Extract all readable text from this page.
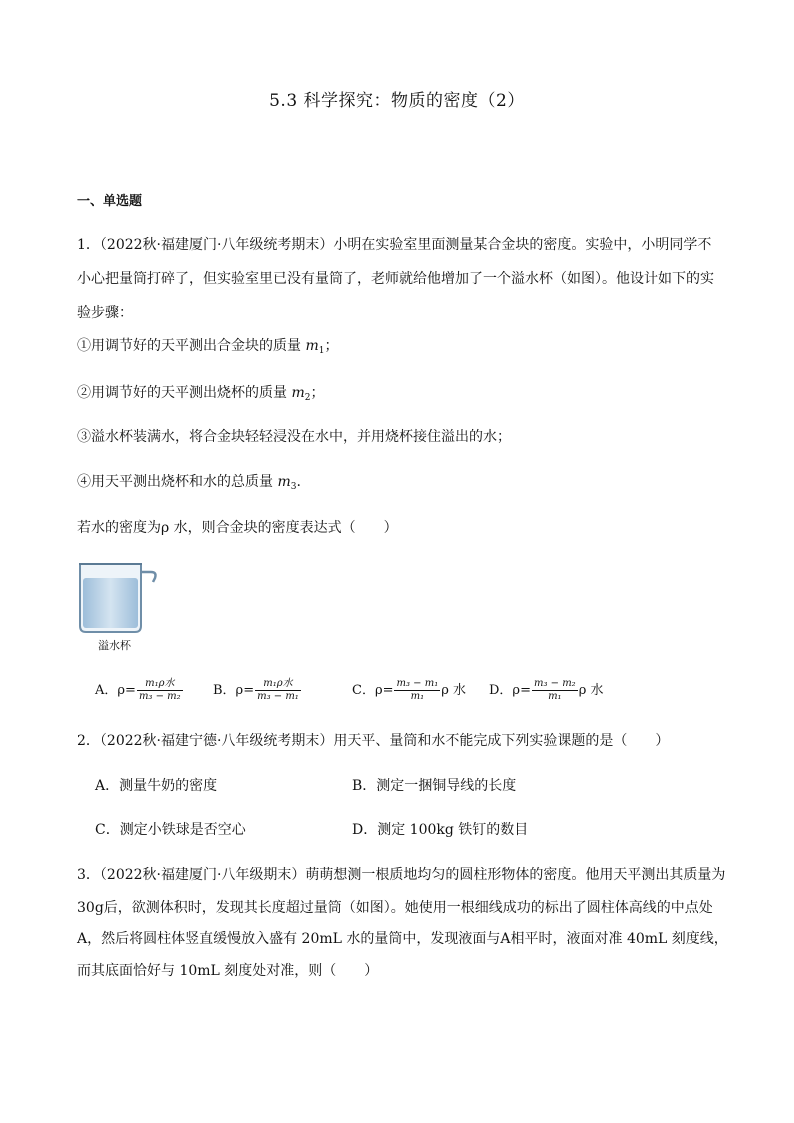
5.3 科学探究：物质的密度（2）
一、单选题
1．（2022秋·福建厦门·八年级统考期末）小明在实验室里面测量某合金块的密度。实验中，小明同学不小心把量筒打碎了，但实验室里已没有量筒了，老师就给他增加了一个溢水杯（如图）。他设计如下的实验步骤：
①用调节好的天平测出合金块的质量 $m_1$；
②用调节好的天平测出烧杯的质量 $m_2$；
③溢水杯装满水，将合金块轻轻浸没在水中，并用烧杯接住溢出的水；
④用天平测出烧杯和水的总质量 $m_3$.
若水的密度为ρ 水，则合金块的密度表达式（　　）
溢水杯
A．$\rho= \frac{\text{m₁ρ水}}{\text{m₃ − m₂}}$ B．$\rho= \frac{\text{m₁ρ水}}{\text{m₃ − m₁}}$	C．$\rho= \frac{\text{m₃ − m₁}}{\text{m₁}}$ ρ 水 D．$\rho= \frac{\text{m₃ − m₂}}{\text{m₁}}$ ρ 水
2．（2022秋·福建宁德·八年级统考期末）用天平、量筒和水不能完成下列实验课题的是（　　）
A．测量牛奶的密度	B．测定一捆铜导线的长度
C．测定小铁球是否空心	D．测定 100kg 铁钉的数目
3．（2022秋·福建厦门·八年级期末）萌萌想测一根质地均匀的圆柱形物体的密度。他用天平测出其质量为
30g后，欲测体积时，发现其长度超过量筒（如图）。她使用一根细线成功的标出了圆柱体高线的中点处
A，然后将圆柱体竖直缓慢放入盛有 20mL 水的量筒中，发现液面与A相平时，液面对准 40mL 刻度线，
而其底面恰好与 10mL 刻度处对准，则（　　）
